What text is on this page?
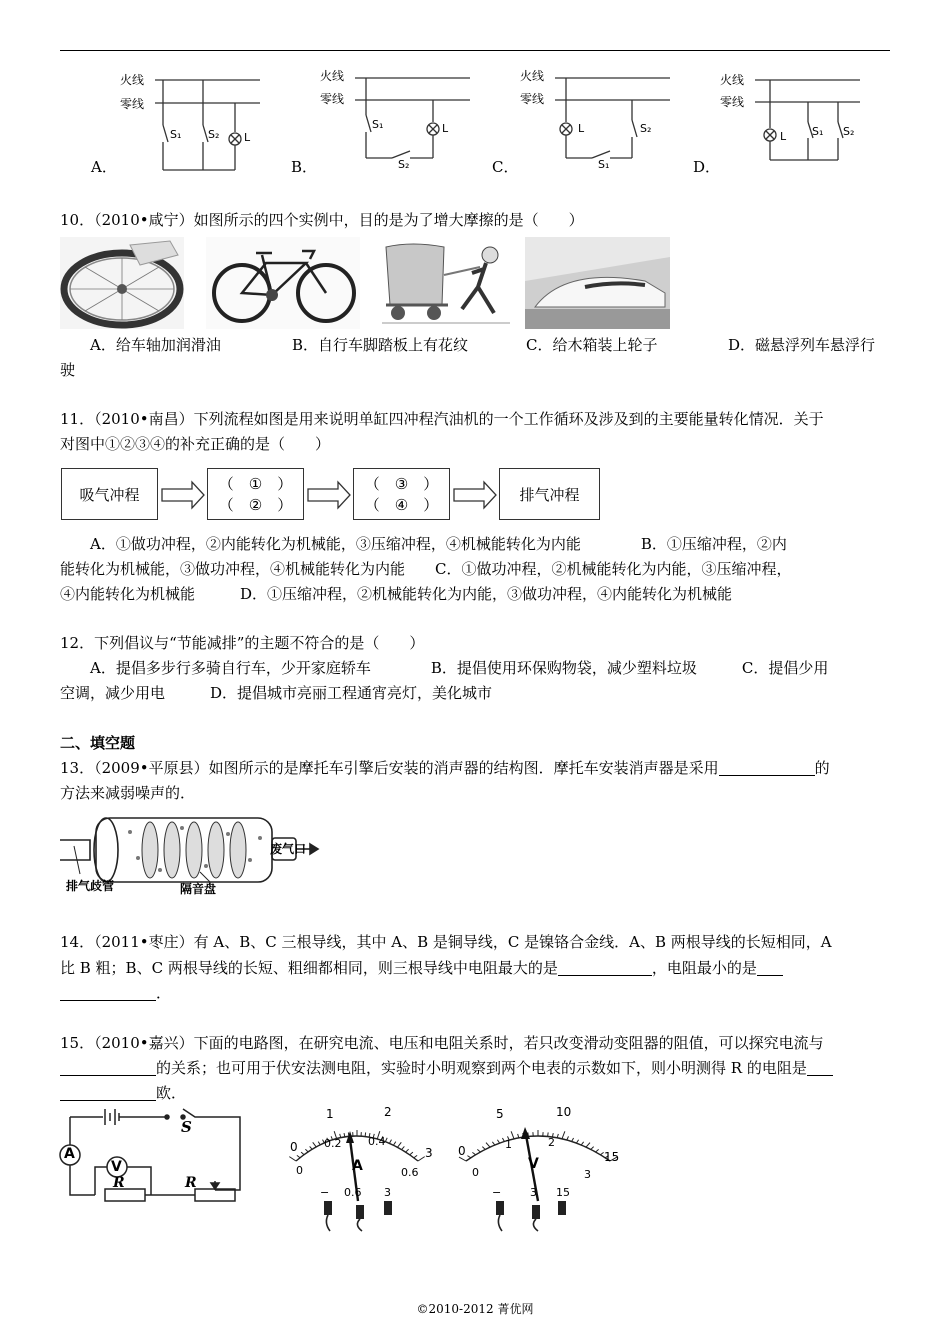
火线
零线
火线
零线
火线
零线
火线
零线
S₁ S₂ L
S₁
S₂
L	L
S₁
S₂
L S₁ S₂
A．	B．	C．	D．
10．（2010•咸宁）如图所示的四个实例中，目的是为了增大摩擦的是（　　）
A．给车轴加润滑油	B．自行车脚踏板上有花纹	C．给木箱装上轮子	D．磁悬浮列车悬浮行
驶
11．（2010•南昌）下列流程如图是用来说明单缸四冲程汽油机的一个工作循环及涉及到的主要能量转化情况．关于
对图中①②③④的补充正确的是（　　）
吸气冲程
（　①　）
（　②　）
（　③　）
（　④　）
排气冲程
A．①做功冲程，②内能转化为机械能，③压缩冲程，④机械能转化为内能　　　　B．①压缩冲程，②内
能转化为机械能，③做功冲程，④机械能转化为内能　　C．①做功冲程，②机械能转化为内能，③压缩冲程，
④内能转化为机械能　　　D．①压缩冲程，②机械能转化为内能，③做功冲程，④内能转化为机械能
12．下列倡议与“节能减排”的主题不符合的是（　　）
A．提倡多步行多骑自行车，少开家庭轿车　　　　B．提倡使用环保购物袋，减少塑料垃圾　　　C．提倡少用
空调，减少用电　　　D．提倡城市亮丽工程通宵亮灯，美化城市
二、填空题
13．（2009•平原县）如图所示的是摩托车引擎后安装的消声器的结构图．摩托车安装消声器是采用	的
方法来减弱噪声的．
废气口
排气歧管	隔音盘
14．（2011•枣庄）有 A、B、C 三根导线，其中 A、B 是铜导线，C 是镍铬合金线．A、B 两根导线的长短相同，A
比 B 粗；B、C 两根导线的长短、粗细都相同，则三根导线中电阻最大的是	，电阻最小的是
．
15．（2010•嘉兴）下面的电路图，在研究电流、电压和电阻关系时，若只改变滑动变阻器的阻值，可以探究电流与
的关系；也可用于伏安法测电阻，实验时小明观察到两个电表的示数如下，则小明测得 R 的电阻是
欧．
A
V
S
R	R
0
1	2
3
0
0.2 0.4
0.6
A
− 0.6 3
0
5	10
15
0
1	2
3
V
−	3 15
©2010-2012 菁优网
